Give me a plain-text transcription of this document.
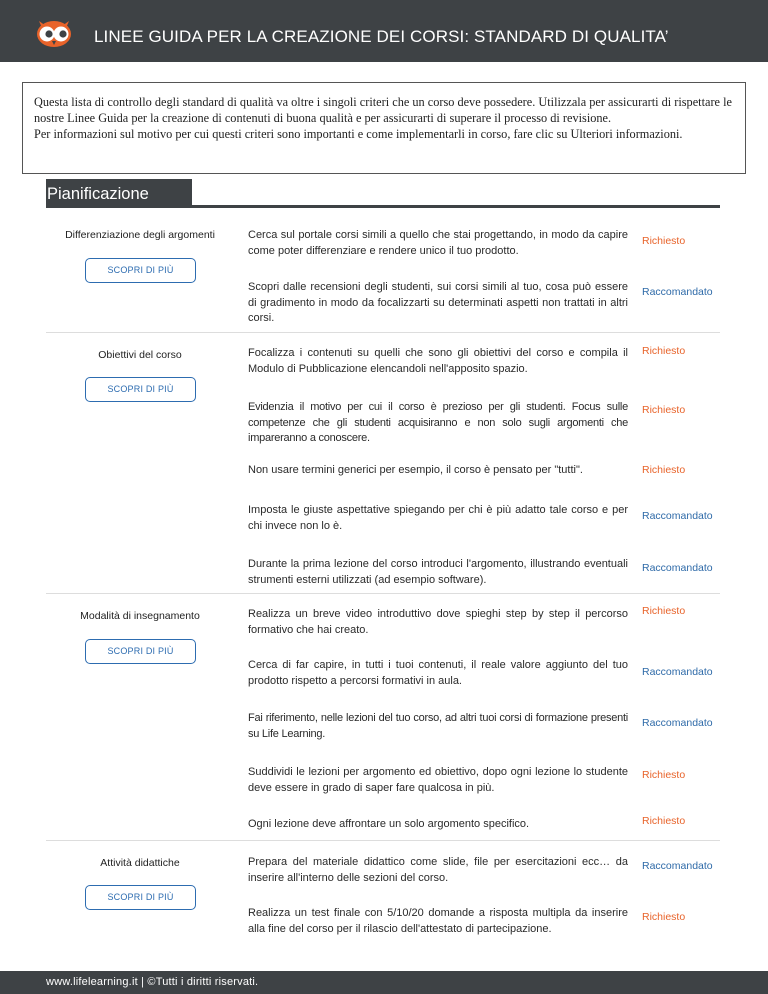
LINEE GUIDA PER LA CREAZIONE DEI CORSI: STANDARD DI QUALITA’

Questa lista di controllo degli standard di qualità va oltre i singoli criteri che un corso deve possedere. Utilizzala per assicurarti di rispettare le nostre Linee Guida per la creazione di contenuti di buona qualità e per assicurarti di superare il processo di revisione.

Per informazioni sul motivo per cui questi criteri sono importanti e come implementarli in corso, fare clic su Ulteriori informazioni.

Pianificazione
Differenziazione degli argomenti
SCOPRI DI PIÙ
Cerca sul portale corsi simili a quello che stai progettando, in modo da capire come poter differenziare e rendere unico il tuo prodotto.
Richiesto
Scopri dalle recensioni degli studenti, sui corsi simili al tuo, cosa può essere di gradimento in modo da focalizzarti su determinati aspetti non trattati in altri corsi.
Raccomandato
Obiettivi del corso
SCOPRI DI PIÙ
Focalizza i contenuti su quelli che sono gli obiettivi del corso e compila il Modulo di Pubblicazione elencandoli nell'apposito spazio.
Richiesto
Evidenzia il motivo per cui il corso è prezioso per gli studenti. Focus sulle competenze che gli studenti acquisiranno e non solo sugli argomenti che impareranno a conoscere.
Richiesto
Non usare termini generici per esempio, il corso è pensato per "tutti".	Richiesto
Imposta le giuste aspettative spiegando per chi è più adatto tale corso e per chi invece non lo è.
Raccomandato
Durante la prima lezione del corso introduci l'argomento, illustrando eventuali strumenti esterni utilizzati (ad esempio software).
Raccomandato
Modalità di insegnamento
SCOPRI DI PIÙ
Realizza un breve video introduttivo dove spieghi step by step il percorso formativo che hai creato.
Richiesto
Cerca di far capire, in tutti i tuoi contenuti, il reale valore aggiunto del tuo prodotto rispetto a percorsi formativi in aula.
Raccomandato
Fai riferimento, nelle lezioni del tuo corso, ad altri tuoi corsi di formazione presenti su Life Learning.
Raccomandato
Suddividi le lezioni per argomento ed obiettivo, dopo ogni lezione lo studente deve essere in grado di saper fare qualcosa in più.
Richiesto
Ogni lezione deve affrontare un solo argomento specifico.	Richiesto
Attività didattiche
SCOPRI DI PIÙ
Prepara del materiale didattico come slide, file per esercitazioni ecc… da inserire all'interno delle sezioni del corso.
Raccomandato
Realizza un test finale con 5/10/20 domande a risposta multipla da inserire alla fine del corso per il rilascio dell'attestato di partecipazione.
Richiesto
www.lifelearning.it | ©Tutti i diritti riservati.
